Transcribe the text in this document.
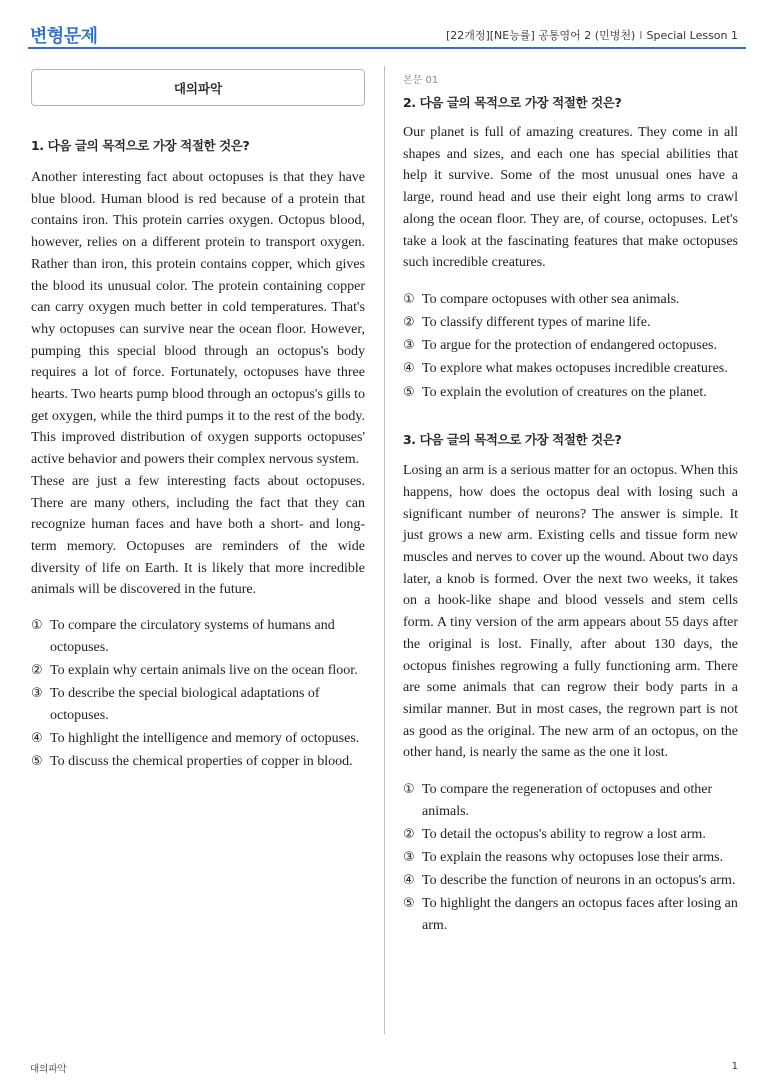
변형문제	[22개정][NE능률] 공통영어 2 (민병천) I Special Lesson 1
대의파악
1. 다음 글의 목적으로 가장 적절한 것은?

Another interesting fact about octopuses is that they have blue blood. Human blood is red because of a protein that contains iron. This protein carries oxygen. Octopus blood, however, relies on a different protein to transport oxygen. Rather than iron, this protein contains copper, which gives the blood its unusual color. The protein containing copper can carry oxygen much better in cold temperatures. That's why octopuses can survive near the ocean floor. However, pumping this special blood through an octopus's body requires a lot of force. Fortunately, octopuses have three hearts. Two hearts pump blood through an octopus's gills to get oxygen, while the third pumps it to the rest of the body. This improved distribution of oxygen supports octopuses' active behavior and powers their complex nervous system.

These are just a few interesting facts about octopuses. There are many others, including the fact that they can recognize human faces and have both a short- and long-term memory. Octopuses are reminders of the wide diversity of life on Earth. It is likely that more incredible animals will be discovered in the future.

① To compare the circulatory systems of humans and octopuses.
② To explain why certain animals live on the ocean floor.
③ To describe the special biological adaptations of octopuses.
④ To highlight the intelligence and memory of octopuses.
⑤ To discuss the chemical properties of copper in blood.
본문 01
2. 다음 글의 목적으로 가장 적절한 것은?

Our planet is full of amazing creatures. They come in all shapes and sizes, and each one has special abilities that help it survive. Some of the most unusual ones have a large, round head and use their eight long arms to crawl along the ocean floor. They are, of course, octopuses. Let's take a look at the fascinating features that make octopuses such incredible creatures.

① To compare octopuses with other sea animals.
② To classify different types of marine life.
③ To argue for the protection of endangered octopuses.
④ To explore what makes octopuses incredible creatures.
⑤ To explain the evolution of creatures on the planet.
3. 다음 글의 목적으로 가장 적절한 것은?

Losing an arm is a serious matter for an octopus. When this happens, how does the octopus deal with losing such a significant number of neurons? The answer is simple. It just grows a new arm. Existing cells and tissue form new muscles and nerves to cover up the wound. About two days later, a knob is formed. Over the next two weeks, it takes on a hook-like shape and blood vessels and stem cells form. A tiny version of the arm appears about 55 days after the original is lost. Finally, after about 130 days, the octopus finishes regrowing a fully functioning arm. There are some animals that can regrow their body parts in a similar manner. But in most cases, the regrown part is not as good as the original. The new arm of an octopus, on the other hand, is nearly the same as the one it lost.

① To compare the regeneration of octopuses and other animals.
② To detail the octopus's ability to regrow a lost arm.
③ To explain the reasons why octopuses lose their arms.
④ To describe the function of neurons in an octopus's arm.
⑤ To highlight the dangers an octopus faces after losing an arm.
대의파악	1
